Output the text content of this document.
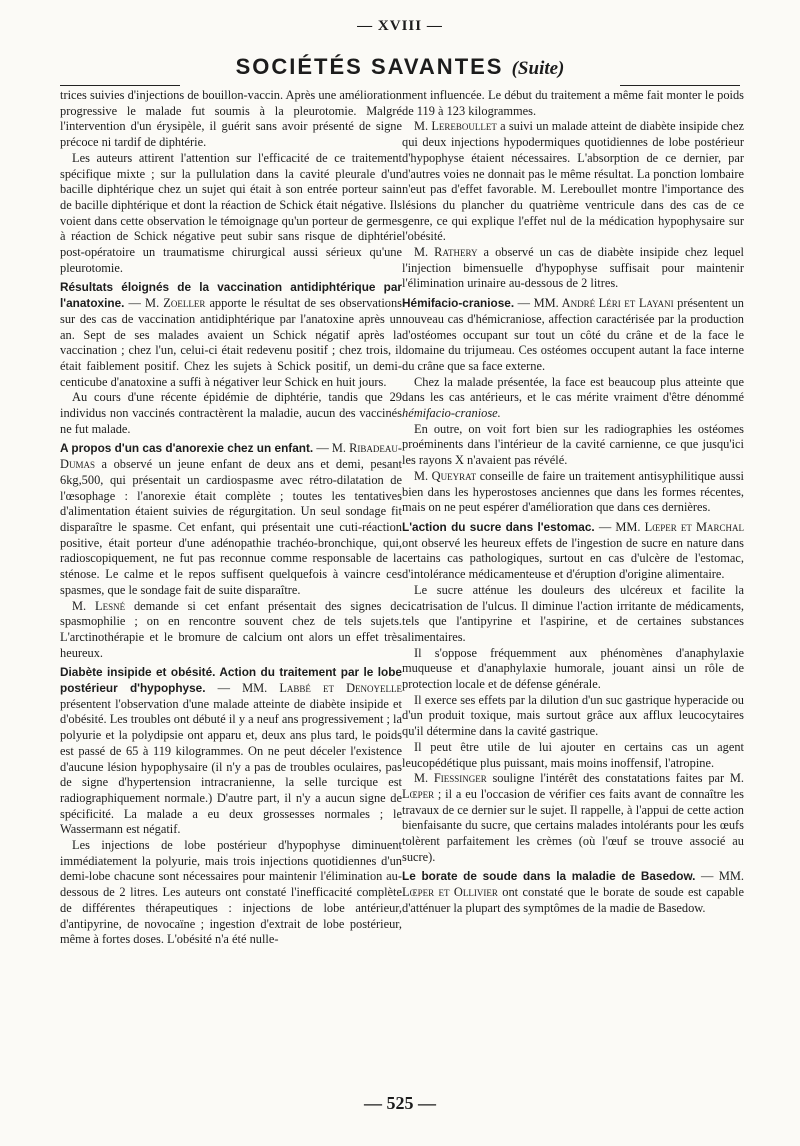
— XVIII —
SOCIÉTÉS SAVANTES (Suite)

trices suivies d'injections de bouillon-vaccin. Après une amélioration progressive le malade fut soumis à la pleurotomie. Malgré l'intervention d'un érysipèle, il guérit sans avoir présenté de signe précoce ni tardif de diphtérie.

Les auteurs attirent l'attention sur l'efficacité de ce traitement spécifique mixte ; sur la pullulation dans la cavité pleurale d'un bacille diphtérique chez un sujet qui était à son entrée porteur sain de bacille diphtérique et dont la réaction de Schick était négative. Ils voient dans cette observation le témoignage qu'un porteur de germes à réaction de Schick négative peut subir sans risque de diphtérie post-opératoire un traumatisme chirurgical aussi sérieux qu'une pleurotomie.

Résultats éloignés de la vaccination antidiphtérique par l'anatoxine. — M. Zoeller apporte le résultat de ses observations sur des cas de vaccination antidiphtérique par l'anatoxine après un an. Sept de ses malades avaient un Schick négatif après la vaccination ; chez l'un, celui-ci était redevenu positif ; chez trois, il était faiblement positif. Chez les sujets à Schick positif, un demi-centicube d'anatoxine a suffi à négativer leur Schick en huit jours.

Au cours d'une récente épidémie de diphtérie, tandis que 29 individus non vaccinés contractèrent la maladie, aucun des vaccinés ne fut malade.

A propos d'un cas d'anorexie chez un enfant. — M. Ribadeau-Dumas a observé un jeune enfant de deux ans et demi, pesant 6kg,500, qui présentait un cardiospasme avec rétro-dilatation de l'œsophage : l'anorexie était complète ; toutes les tentatives d'alimentation étaient suivies de régurgitation. Un seul sondage fit disparaître le spasme. Cet enfant, qui présentait une cuti-réaction positive, était porteur d'une adénopathie trachéo-bronchique, qui, radioscopiquement, ne fut pas reconnue comme responsable de la sténose. Le calme et le repos suffisent quelquefois à vaincre ces spasmes, que le sondage fait de suite disparaître.

M. Lesné demande si cet enfant présentait des signes de spasmophilie ; on en rencontre souvent chez de tels sujets. L'arctinothérapie et le bromure de calcium ont alors un effet très heureux.

Diabète insipide et obésité. Action du traitement par le lobe postérieur d'hypophyse. — MM. Labbé et Denoyelle présentent l'observation d'une malade atteinte de diabète insipide et d'obésité. Les troubles ont débuté il y a neuf ans progressivement ; la polyurie et la polydipsie ont apparu et, deux ans plus tard, le poids est passé de 65 à 119 kilogrammes. On ne peut déceler l'existence d'aucune lésion hypophysaire (il n'y a pas de troubles oculaires, pas de signe d'hypertension intracranienne, la selle turcique est radiographiquement normale.) D'autre part, il n'y a aucun signe de spécificité. La malade a eu deux grossesses normales ; le Wassermann est négatif.

Les injections de lobe postérieur d'hypophyse diminuent immédiatement la polyurie, mais trois injections quotidiennes d'un demi-lobe chacune sont nécessaires pour maintenir l'élimination au-dessous de 2 litres. Les auteurs ont constaté l'inefficacité complète de différentes thérapeutiques : injections de lobe antérieur, d'antipyrine, de novocaïne ; ingestion d'extrait de lobe postérieur, même à fortes doses. L'obésité n'a été nulle-

ment influencée. Le début du traitement a même fait monter le poids de 119 à 123 kilogrammes.

M. Lereboullet a suivi un malade atteint de diabète insipide chez qui deux injections hypodermiques quotidiennes de lobe postérieur d'hypophyse étaient nécessaires. L'absorption de ce dernier, par d'autres voies ne donnait pas le même résultat. La ponction lombaire n'eut pas d'effet favorable. M. Lereboullet montre l'importance des lésions du plancher du quatrième ventricule dans des cas de ce genre, ce qui explique l'effet nul de la médication hypophysaire sur l'obésité.

M. Rathery a observé un cas de diabète insipide chez lequel l'injection bimensuelle d'hypophyse suffisait pour maintenir l'élimination urinaire au-dessous de 2 litres.

Hémifacio-craniose. — MM. André Léri et Layani présentent un nouveau cas d'hémicraniose, affection caractérisée par la production d'ostéomes occupant sur tout un côté du crâne et de la face le domaine du trijumeau. Ces ostéomes occupent autant la face interne du crâne que sa face externe.

Chez la malade présentée, la face est beaucoup plus atteinte que dans les cas antérieurs, et le cas mérite vraiment d'être dénommé hémifacio-craniose.

En outre, on voit fort bien sur les radiographies les ostéomes proéminents dans l'intérieur de la cavité carnienne, ce que jusqu'ici les rayons X n'avaient pas révélé.

M. Queyrat conseille de faire un traitement antisyphilitique aussi bien dans les hyperostoses anciennes que dans les formes récentes, mais on ne peut espérer d'amélioration que dans ces dernières.

L'action du sucre dans l'estomac. — MM. Lœper et Marchal ont observé les heureux effets de l'ingestion de sucre en nature dans certains cas pathologiques, surtout en cas d'ulcère de l'estomac, d'intolérance médicamenteuse et d'éruption d'origine alimentaire.

Le sucre atténue les douleurs des ulcéreux et facilite la cicatrisation de l'ulcus. Il diminue l'action irritante de médicaments, tels que l'antipyrine et l'aspirine, et de certaines substances alimentaires.

Il s'oppose fréquemment aux phénomènes d'anaphylaxie muqueuse et d'anaphylaxie humorale, jouant ainsi un rôle de protection locale et de défense générale.

Il exerce ses effets par la dilution d'un suc gastrique hyperacide ou d'un produit toxique, mais surtout grâce aux afflux leucocytaires qu'il détermine dans la cavité gastrique.

Il peut être utile de lui ajouter en certains cas un agent leucopédétique plus puissant, mais moins inoffensif, l'atropine.

M. Fiessinger souligne l'intérêt des constatations faites par M. Lœper ; il a eu l'occasion de vérifier ces faits avant de connaître les travaux de ce dernier sur le sujet. Il rappelle, à l'appui de cette action bienfaisante du sucre, que certains malades intolérants pour les œufs tolèrent parfaitement les crèmes (où l'œuf se trouve associé au sucre).

Le borate de soude dans la maladie de Basedow. — MM. Lœper et Ollivier ont constaté que le borate de soude est capable d'atténuer la plupart des symptômes de la madie de Basedow.

— 525 —
